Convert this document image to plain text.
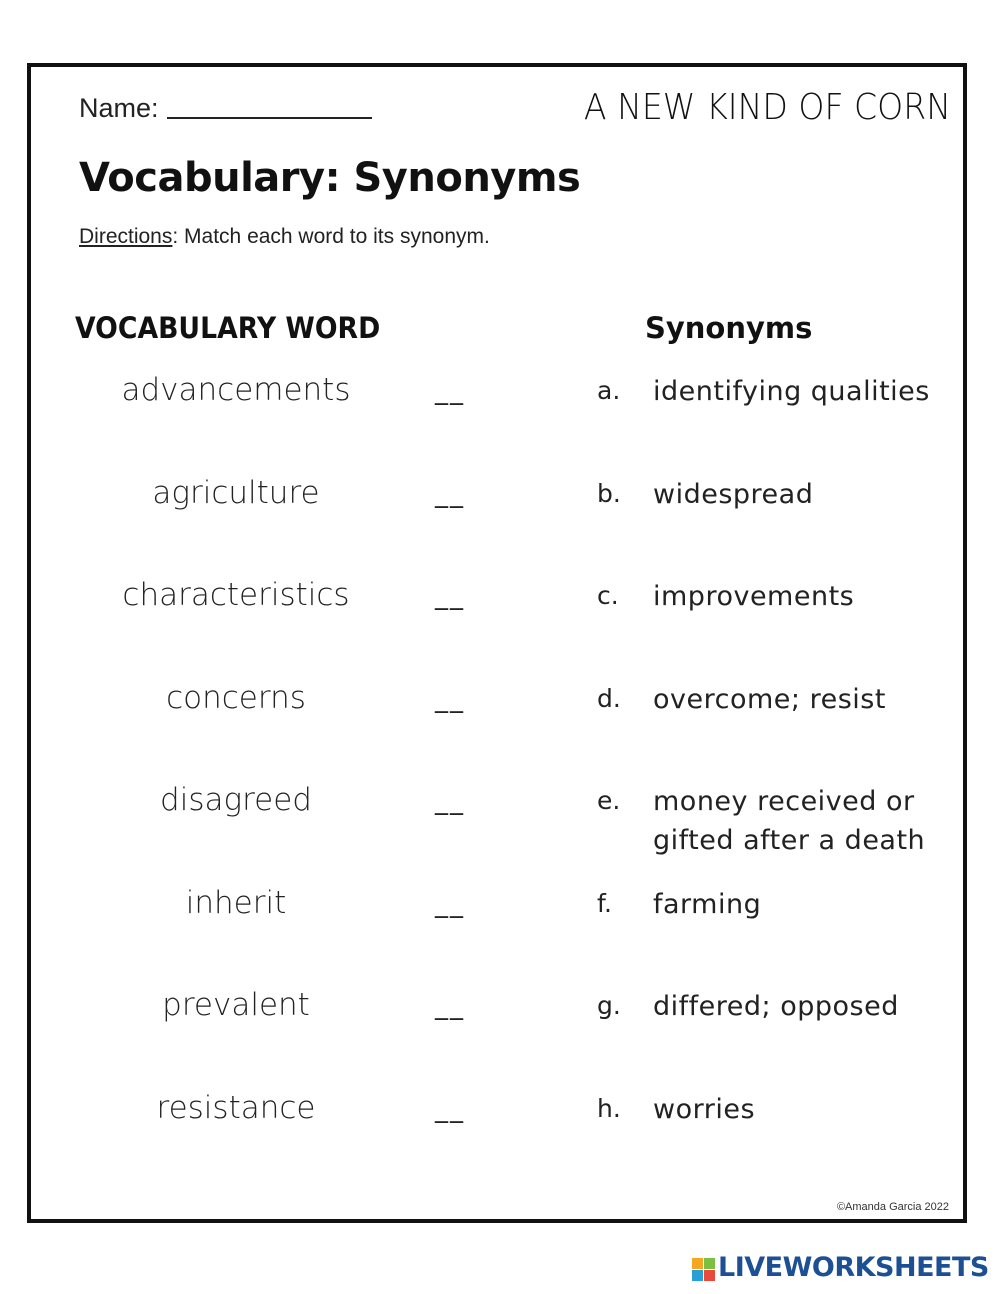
Name:	A NEW KIND OF CORN
Vocabulary: Synonyms
Directions: Match each word to its synonym.
VOCABULARY WORD	Synonyms
advancements	__	a. identifying qualities
agriculture	__	b. widespread
characteristics	__	c. improvements
concerns	__	d. overcome; resist
disagreed	__	e. money received or gifted after a death
inherit	__	f. farming
prevalent	__	g. differed; opposed
resistance	__	h. worries
©Amanda Garcia 2022
LIVEWORKSHEETS
